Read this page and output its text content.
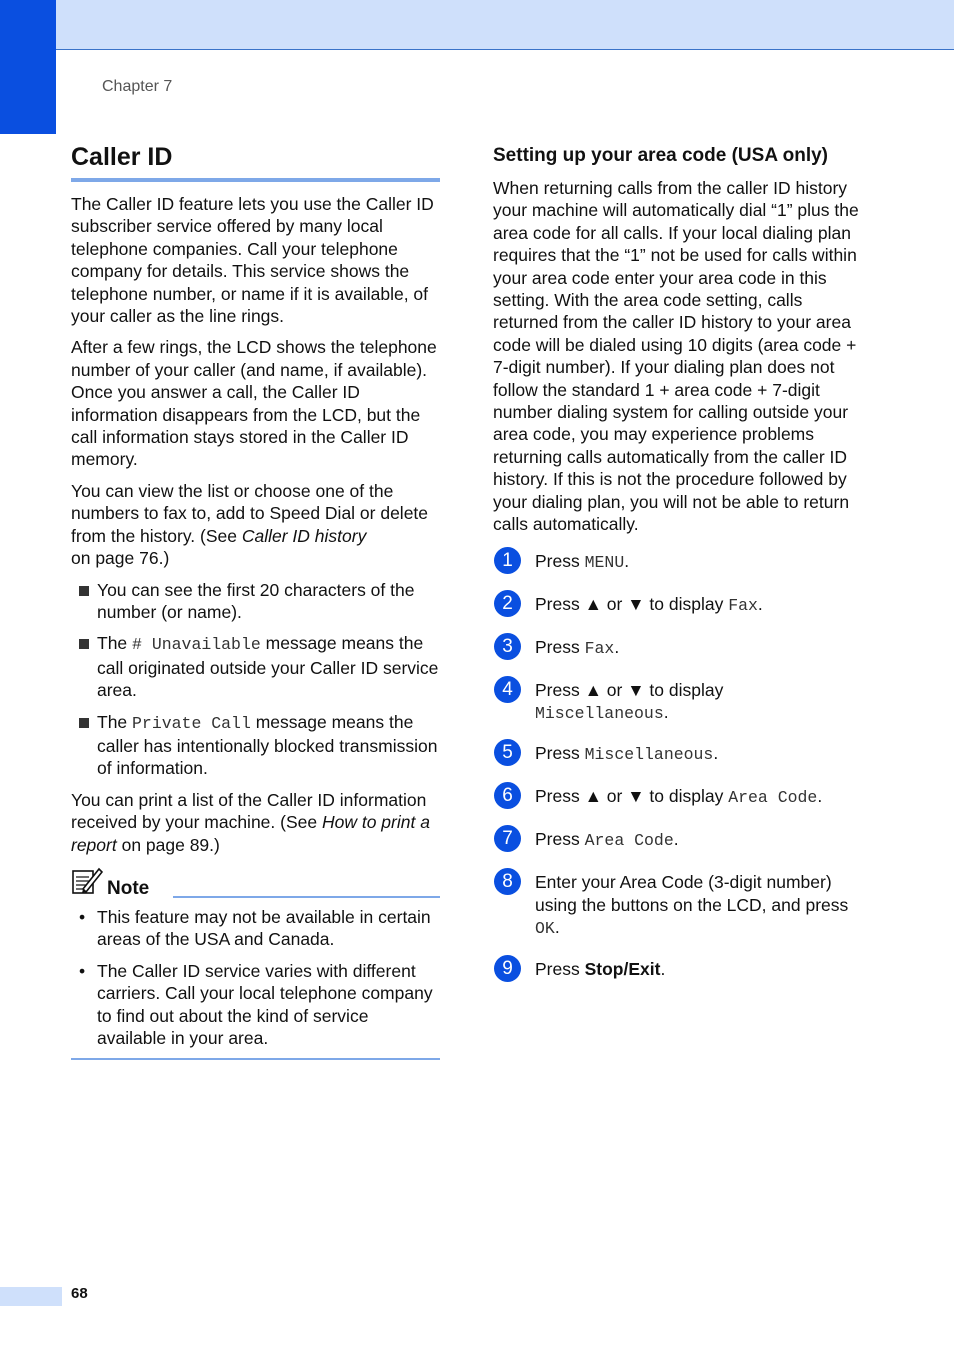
Chapter 7
Caller ID

The Caller ID feature lets you use the Caller ID subscriber service offered by many local telephone companies. Call your telephone company for details. This service shows the telephone number, or name if it is available, of your caller as the line rings.

After a few rings, the LCD shows the telephone number of your caller (and name, if available). Once you answer a call, the Caller ID information disappears from the LCD, but the call information stays stored in the Caller ID memory.

You can view the list or choose one of the numbers to fax to, add to Speed Dial or delete from the history. (See Caller ID history
on page 76.)

You can see the first 20 characters of the number (or name).
The # Unavailable message means the call originated outside your Caller ID service area.
The Private Call message means the caller has intentionally blocked transmission of information.

You can print a list of the Caller ID information received by your machine. (See How to print a report on page 89.)

Note
• This feature may not be available in certain areas of the USA and Canada.
• The Caller ID service varies with different carriers. Call your local telephone company to find out about the kind of service available in your area.
Setting up your area code (USA only)

When returning calls from the caller ID history your machine will automatically dial “1” plus the area code for all calls. If your local dialing plan requires that the “1” not be used for calls within your area code enter your area code in this setting. With the area code setting, calls returned from the caller ID history to your area code will be dialed using 10 digits (area code + 7-digit number). If your dialing plan does not follow the standard 1 + area code + 7-digit number dialing system for calling outside your area code, you may experience problems returning calls automatically from the caller ID history. If this is not the procedure followed by your dialing plan, you will not be able to return calls automatically.

1	Press MENU.
2	Press ▲ or ▼ to display Fax.
3	Press Fax.
4	Press ▲ or ▼ to display
Miscellaneous.
5	Press Miscellaneous.
6	Press ▲ or ▼ to display Area Code.
7	Press Area Code.
8	Enter your Area Code (3-digit number) using the buttons on the LCD, and press OK.
9	Press Stop/Exit.
68
